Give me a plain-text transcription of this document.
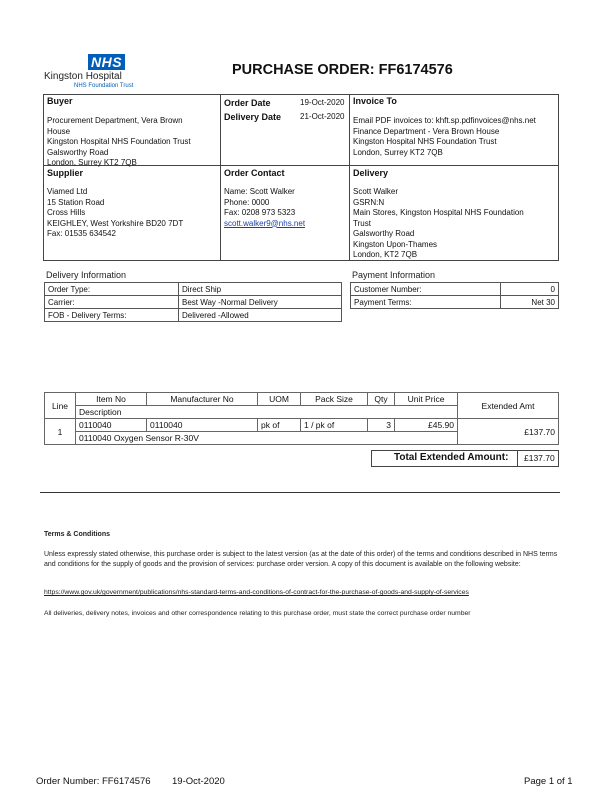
NHS
Kingston Hospital
NHS Foundation Trust
PURCHASE ORDER: FF6174576
Buyer
Procurement Department, Vera Brown
House
Kingston Hospital NHS Foundation Trust
Galsworthy Road
London, Surrey KT2 7QB
Order Date	19-Oct-2020
Delivery Date 21-Oct-2020
Invoice To
Email PDF invoices to: khft.sp.pdfinvoices@nhs.net
Finance Department - Vera Brown House
Kingston Hospital NHS Foundation Trust
London, Surrey KT2 7QB
Supplier
Viamed Ltd
15 Station Road
Cross Hills
KEIGHLEY, West Yorkshire BD20 7DT
Fax: 01535 634542
Order Contact
Name: Scott Walker
Phone: 0000
Fax: 0208 973 5323
scott.walker9@nhs.net
Delivery
Scott Walker
GSRN:N
Main Stores, Kingston Hospital NHS Foundation
Trust
Galsworthy Road
Kingston Upon-Thames
London, KT2 7QB
Delivery Information
Order Type:	Direct Ship
Carrier:	Best Way -Normal Delivery
FOB - Delivery Terms:	Delivered -Allowed
Payment Information
Customer Number:	0
Payment Terms:	Net 30
Line	Item No	Manufacturer No	UOM	Pack Size	Qty	Unit Price	Extended Amt
	Description						
1	0110040	0110040	pk of	1 / pk of	3	£45.90	£137.70
	0110040 Oxygen Sensor R-30V						
Total Extended Amount: £137.70
Terms & Conditions
Unless expressly stated otherwise, this purchase order is subject to the latest version (as at the date of this order) of the terms and conditions described in NHS terms and conditions for the supply of goods and the provision of services: purchase order version. A copy of this document is available on the following website:
https://www.gov.uk/government/publications/nhs-standard-terms-and-conditions-of-contract-for-the-purchase-of-goods-and-supply-of-services
All deliveries, delivery notes, invoices and other correspondence relating to this purchase order, must state the correct purchase order number
Order Number: FF6174576 19-Oct-2020	Page 1 of 1
